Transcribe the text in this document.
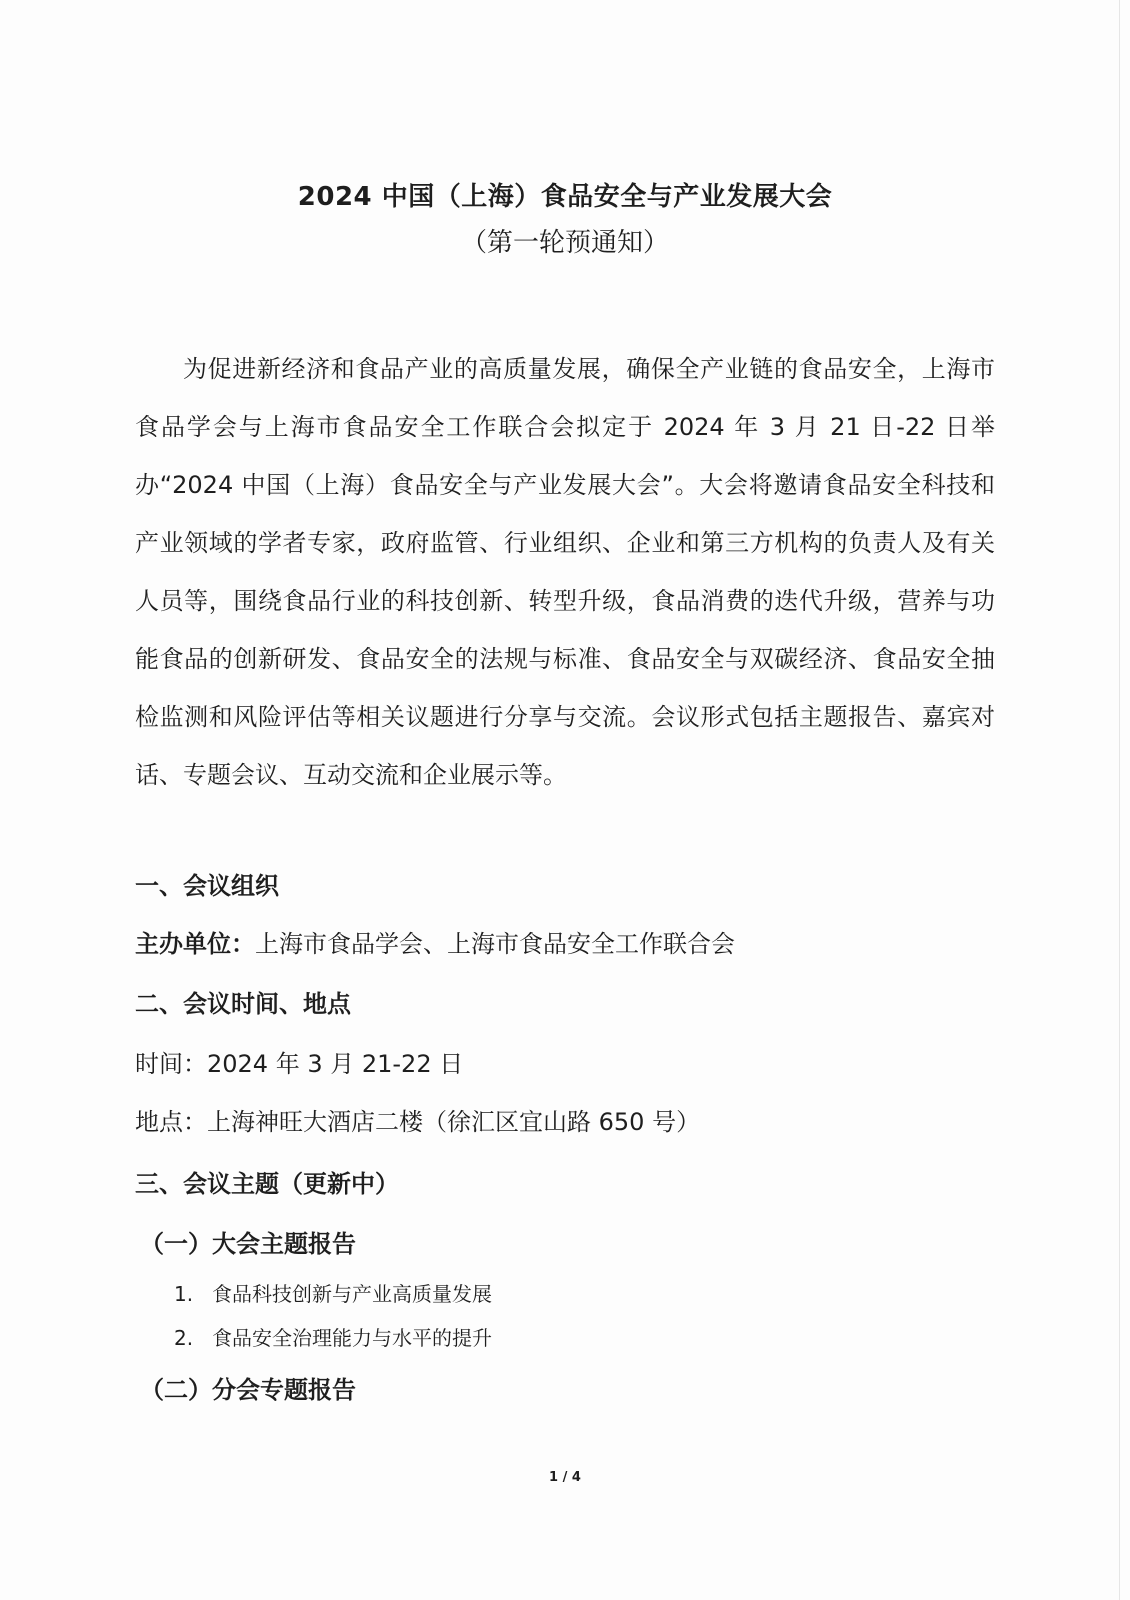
2024 中国（上海）食品安全与产业发展大会
（第一轮预通知）

为促进新经济和食品产业的高质量发展，确保全产业链的食品安全，上海市食品学会与上海市食品安全工作联合会拟定于 2024 年 3 月 21 日-22 日举办“2024 中国（上海）食品安全与产业发展大会”。大会将邀请食品安全科技和产业领域的学者专家，政府监管、行业组织、企业和第三方机构的负责人及有关人员等，围绕食品行业的科技创新、转型升级，食品消费的迭代升级，营养与功能食品的创新研发、食品安全的法规与标准、食品安全与双碳经济、食品安全抽检监测和风险评估等相关议题进行分享与交流。会议形式包括主题报告、嘉宾对话、专题会议、互动交流和企业展示等。

一、会议组织

主办单位：上海市食品学会、上海市食品安全工作联合会

二、会议时间、地点

时间：2024 年 3 月 21-22 日

地点：上海神旺大酒店二楼（徐汇区宜山路 650 号）

三、会议主题（更新中）

（一）大会主题报告

1. 食品科技创新与产业高质量发展

2. 食品安全治理能力与水平的提升

（二）分会专题报告

1 / 4
